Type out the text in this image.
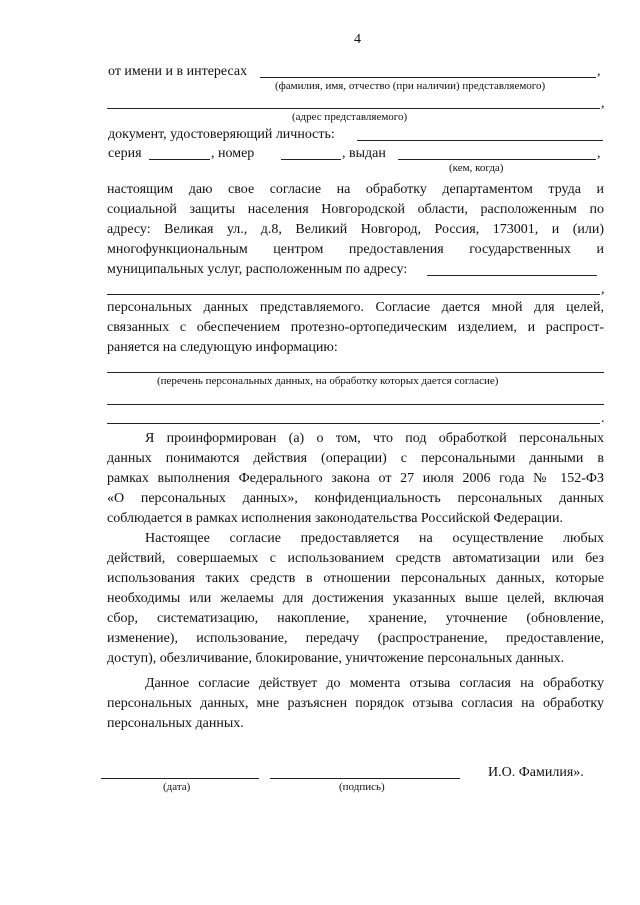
4
от имени и в интересах	,
(фамилия, имя, отчество (при наличии) представляемого)
,
(адрес представляемого)
документ, удостоверяющий личность:
серия	, номер	, выдан	,
(кем, когда)
настоящим даю свое согласие на обработку департаментом труда и
социальной защиты населения Новгородской области, расположенным по
адресу: Великая ул., д.8, Великий Новгород, Россия, 173001, и (или)
многофункциональным центром предоставления государственных и
муниципальных услуг, расположенным по адресу:
,
персональных данных представляемого. Согласие дается мной для целей,
связанных с обеспечением протезно-ортопедическим изделием, и распрост-
раняется на следующую информацию:
(перечень персональных данных, на обработку которых дается согласие)
.
Я проинформирован (а) о том, что под обработкой персональных
данных понимаются действия (операции) с персональными данными в
рамках выполнения Федерального закона от 27 июля 2006 года № 152-ФЗ
«О персональных данных», конфиденциальность персональных данных
соблюдается в рамках исполнения законодательства Российской Федерации.
Настоящее согласие предоставляется на осуществление любых
действий, совершаемых с использованием средств автоматизации или без
использования таких средств в отношении персональных данных, которые
необходимы или желаемы для достижения указанных выше целей, включая
сбор, систематизацию, накопление, хранение, уточнение (обновление,
изменение), использование, передачу (распространение, предоставление,
доступ), обезличивание, блокирование, уничтожение персональных данных.
Данное согласие действует до момента отзыва согласия на обработку
персональных данных, мне разъяснен порядок отзыва согласия на обработку
персональных данных.
(дата)	(подпись)
И.О. Фамилия».
